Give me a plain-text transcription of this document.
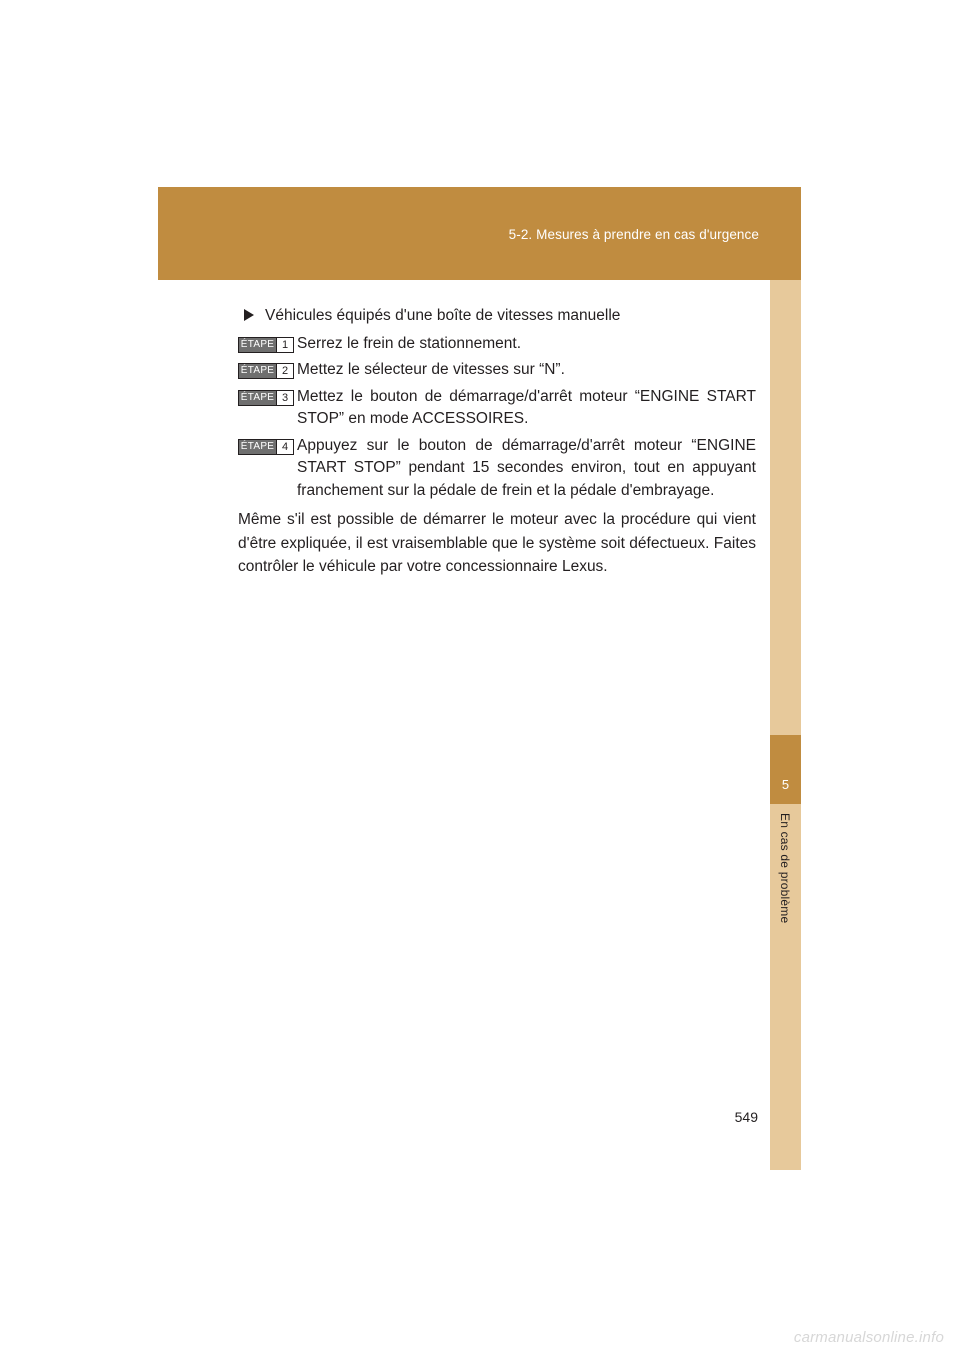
5-2. Mesures à prendre en cas d'urgence
5
En cas de problème
Véhicules équipés d'une boîte de vitesses manuelle
ÉTAPE 1 Serrez le frein de stationnement.
ÉTAPE 2 Mettez le sélecteur de vitesses sur “N”.
ÉTAPE 3 Mettez le bouton de démarrage/d'arrêt moteur “ENGINE START STOP” en mode ACCESSOIRES.
ÉTAPE 4 Appuyez sur le bouton de démarrage/d'arrêt moteur “ENGINE START STOP” pendant 15 secondes environ, tout en appuyant franchement sur la pédale de frein et la pédale d'embrayage.

Même s'il est possible de démarrer le moteur avec la procédure qui vient d'être expliquée, il est vraisemblable que le système soit défectueux. Faites contrôler le véhicule par votre concessionnaire Lexus.

549
carmanualsonline.info
